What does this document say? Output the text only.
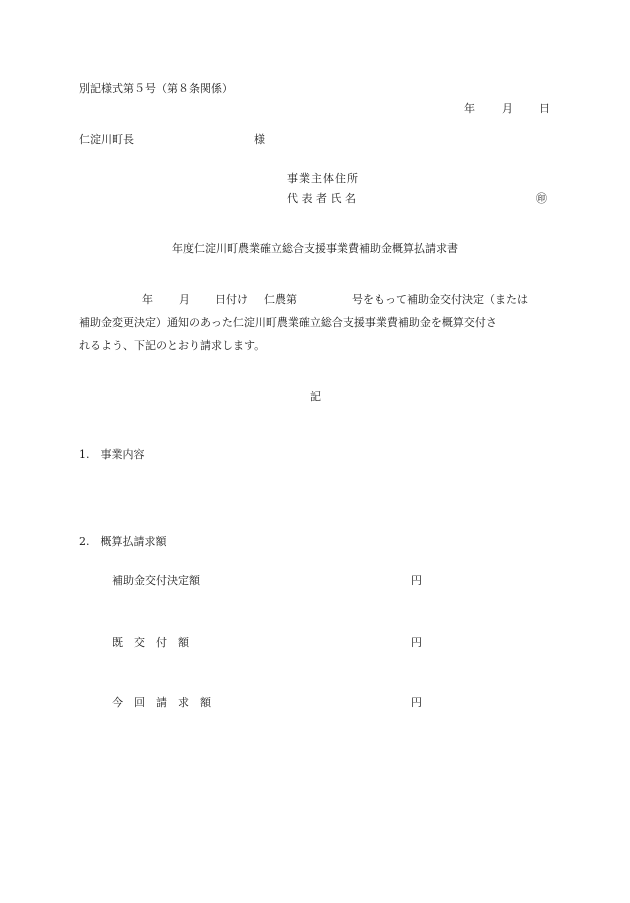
別記様式第５号（第８条関係）
年 月 日
仁淀川町長	様
事業主体住所
代 表 者 氏 名	㊞
年度仁淀川町農業確立総合支援事業費補助金概算払請求書
年 月 日付け 仁農第	号をもって補助金交付決定（または
補助金変更決定）通知のあった仁淀川町農業確立総合支援事業費補助金を概算交付さ
れるよう、下記のとおり請求します。
記
1.　事業内容
2.　概算払請求額
補助金交付決定額	円
既　交　付　額	円
今　回　請　求　額	円
